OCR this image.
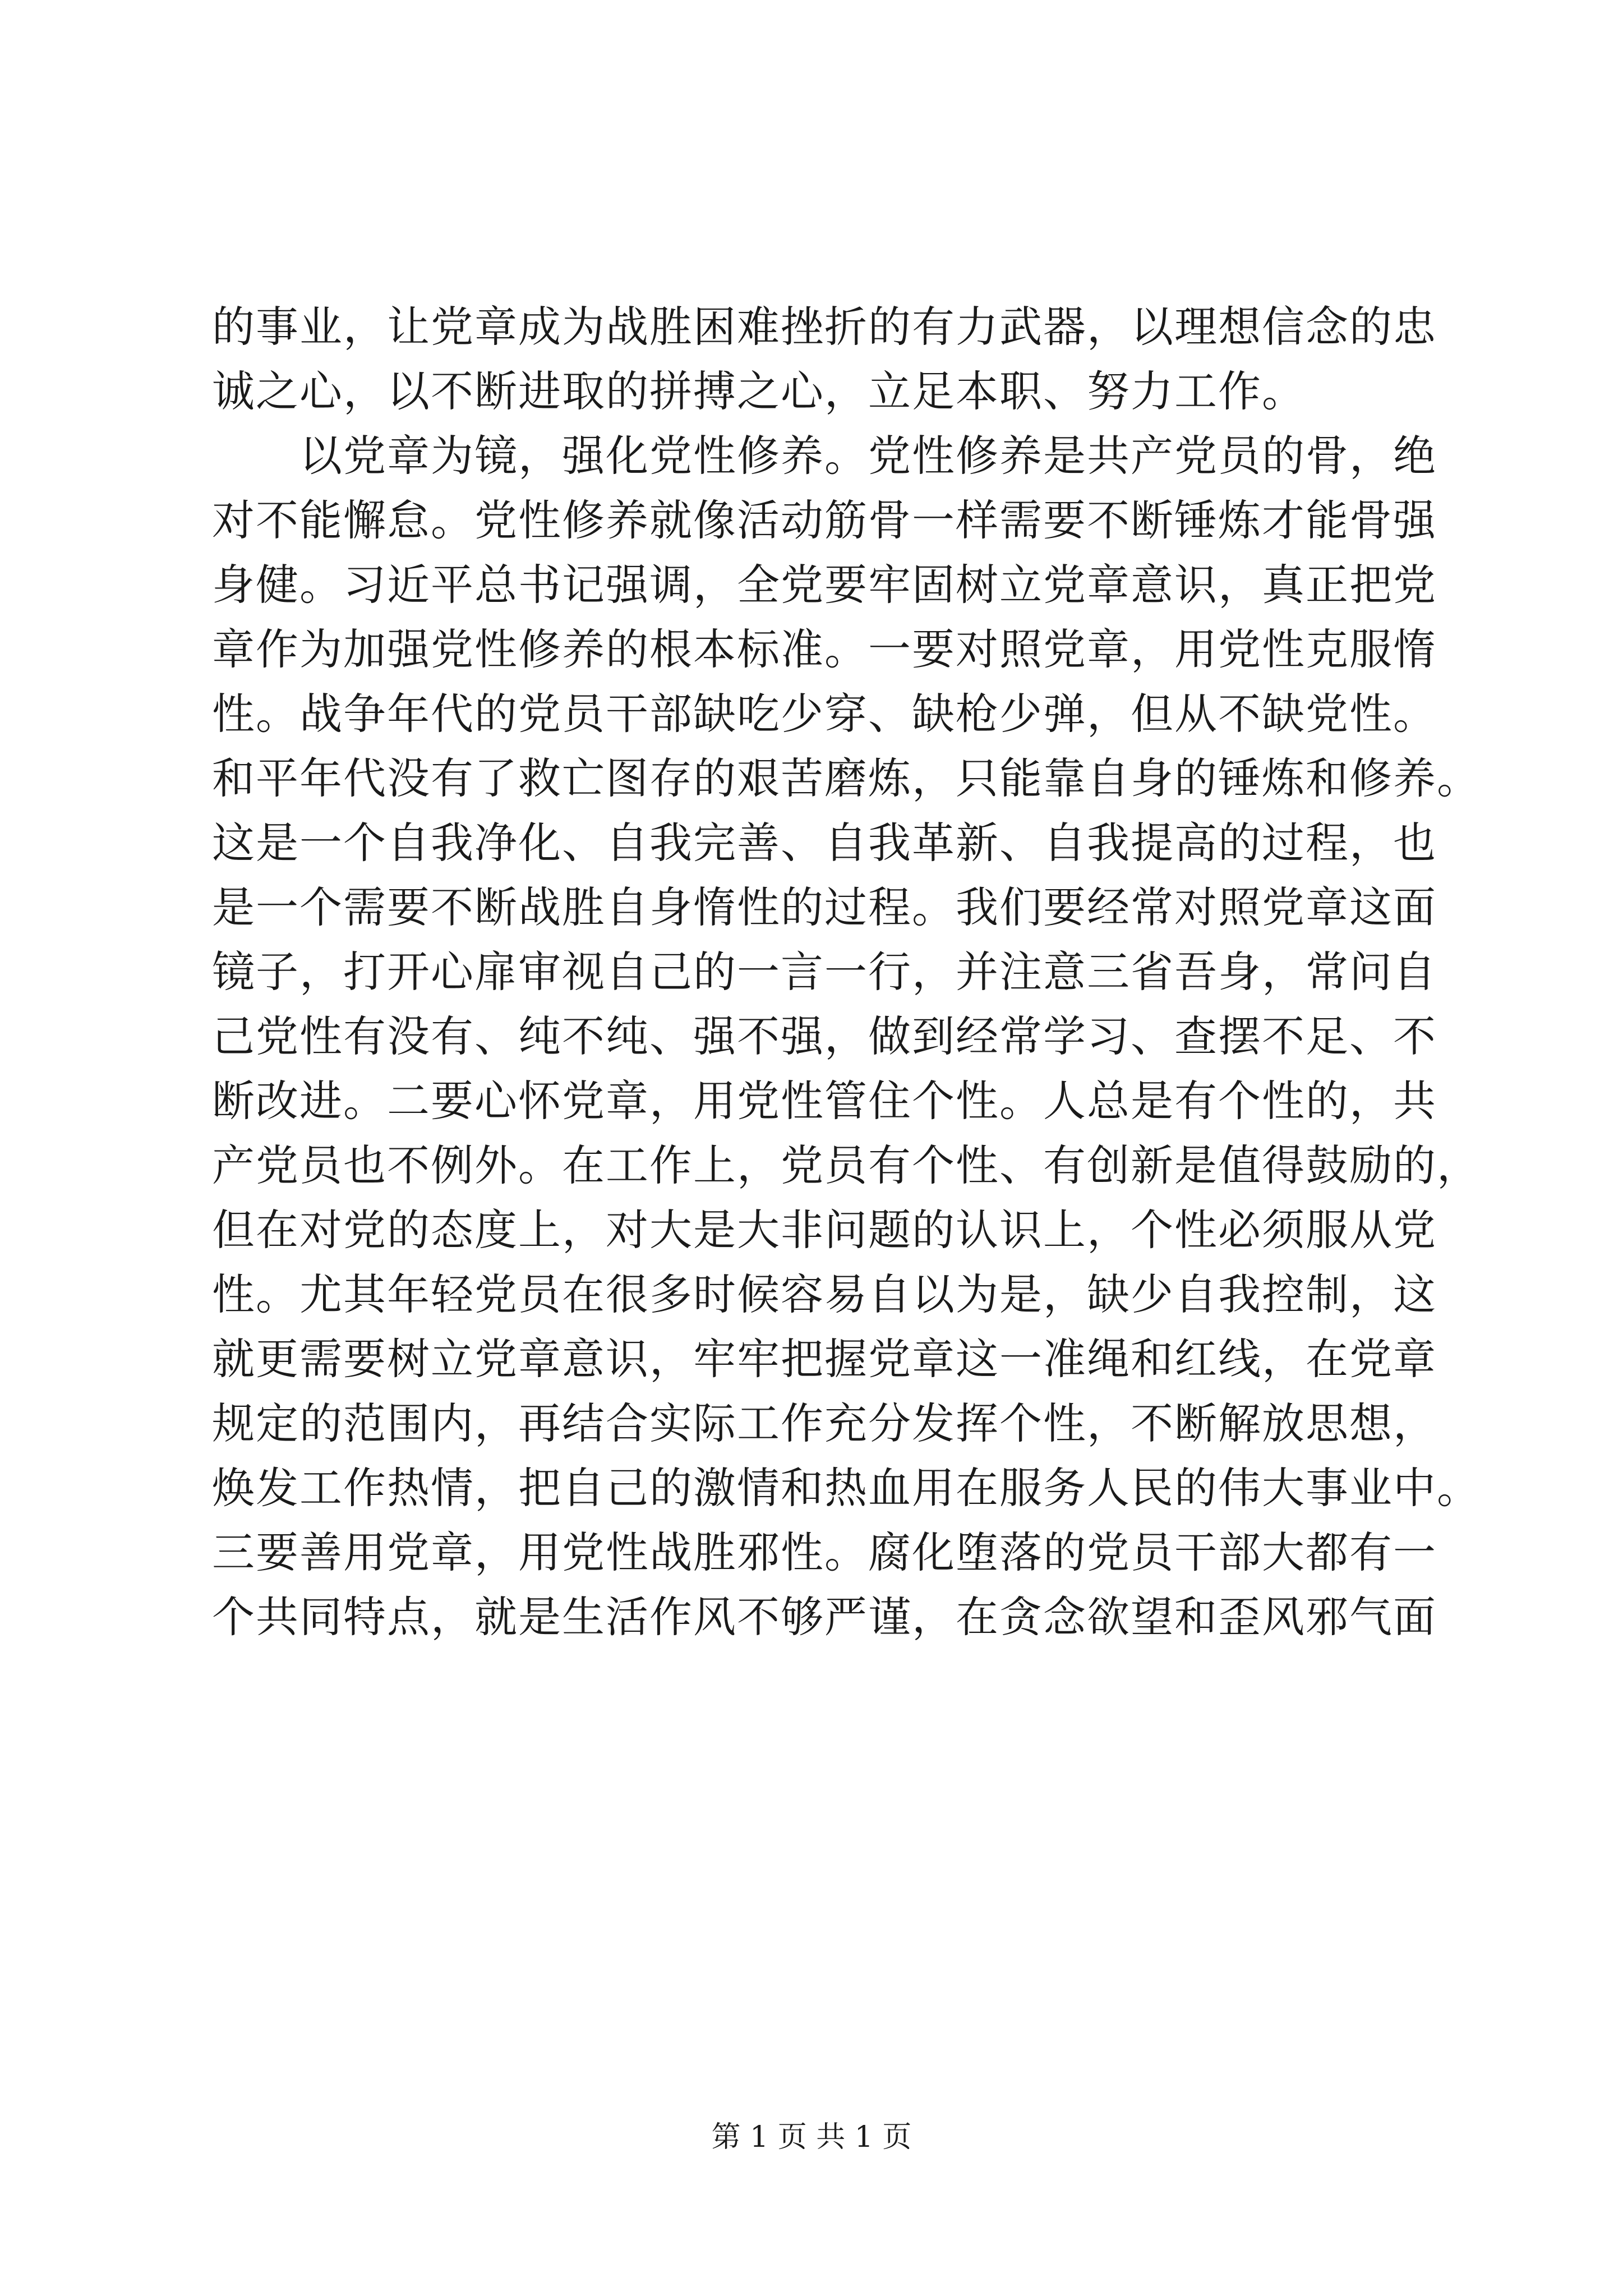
的事业，让党章成为战胜困难挫折的有力武器，以理想信念的忠
诚之心，以不断进取的拼搏之心，立足本职、努力工作。
　　以党章为镜，强化党性修养。党性修养是共产党员的骨，绝
对不能懈怠。党性修养就像活动筋骨一样需要不断锤炼才能骨强
身健。习近平总书记强调，全党要牢固树立党章意识，真正把党
章作为加强党性修养的根本标准。一要对照党章，用党性克服惰
性。战争年代的党员干部缺吃少穿、缺枪少弹，但从不缺党性。
和平年代没有了救亡图存的艰苦磨炼，只能靠自身的锤炼和修养。
这是一个自我净化、自我完善、自我革新、自我提高的过程，也
是一个需要不断战胜自身惰性的过程。我们要经常对照党章这面
镜子，打开心扉审视自己的一言一行，并注意三省吾身，常问自
己党性有没有、纯不纯、强不强，做到经常学习、查摆不足、不
断改进。二要心怀党章，用党性管住个性。人总是有个性的，共
产党员也不例外。在工作上，党员有个性、有创新是值得鼓励的，
但在对党的态度上，对大是大非问题的认识上，个性必须服从党
性。尤其年轻党员在很多时候容易自以为是，缺少自我控制，这
就更需要树立党章意识，牢牢把握党章这一准绳和红线，在党章
规定的范围内，再结合实际工作充分发挥个性，不断解放思想，
焕发工作热情，把自己的激情和热血用在服务人民的伟大事业中。
三要善用党章，用党性战胜邪性。腐化堕落的党员干部大都有一
个共同特点，就是生活作风不够严谨，在贪念欲望和歪风邪气面
第 1 页 共 1 页
